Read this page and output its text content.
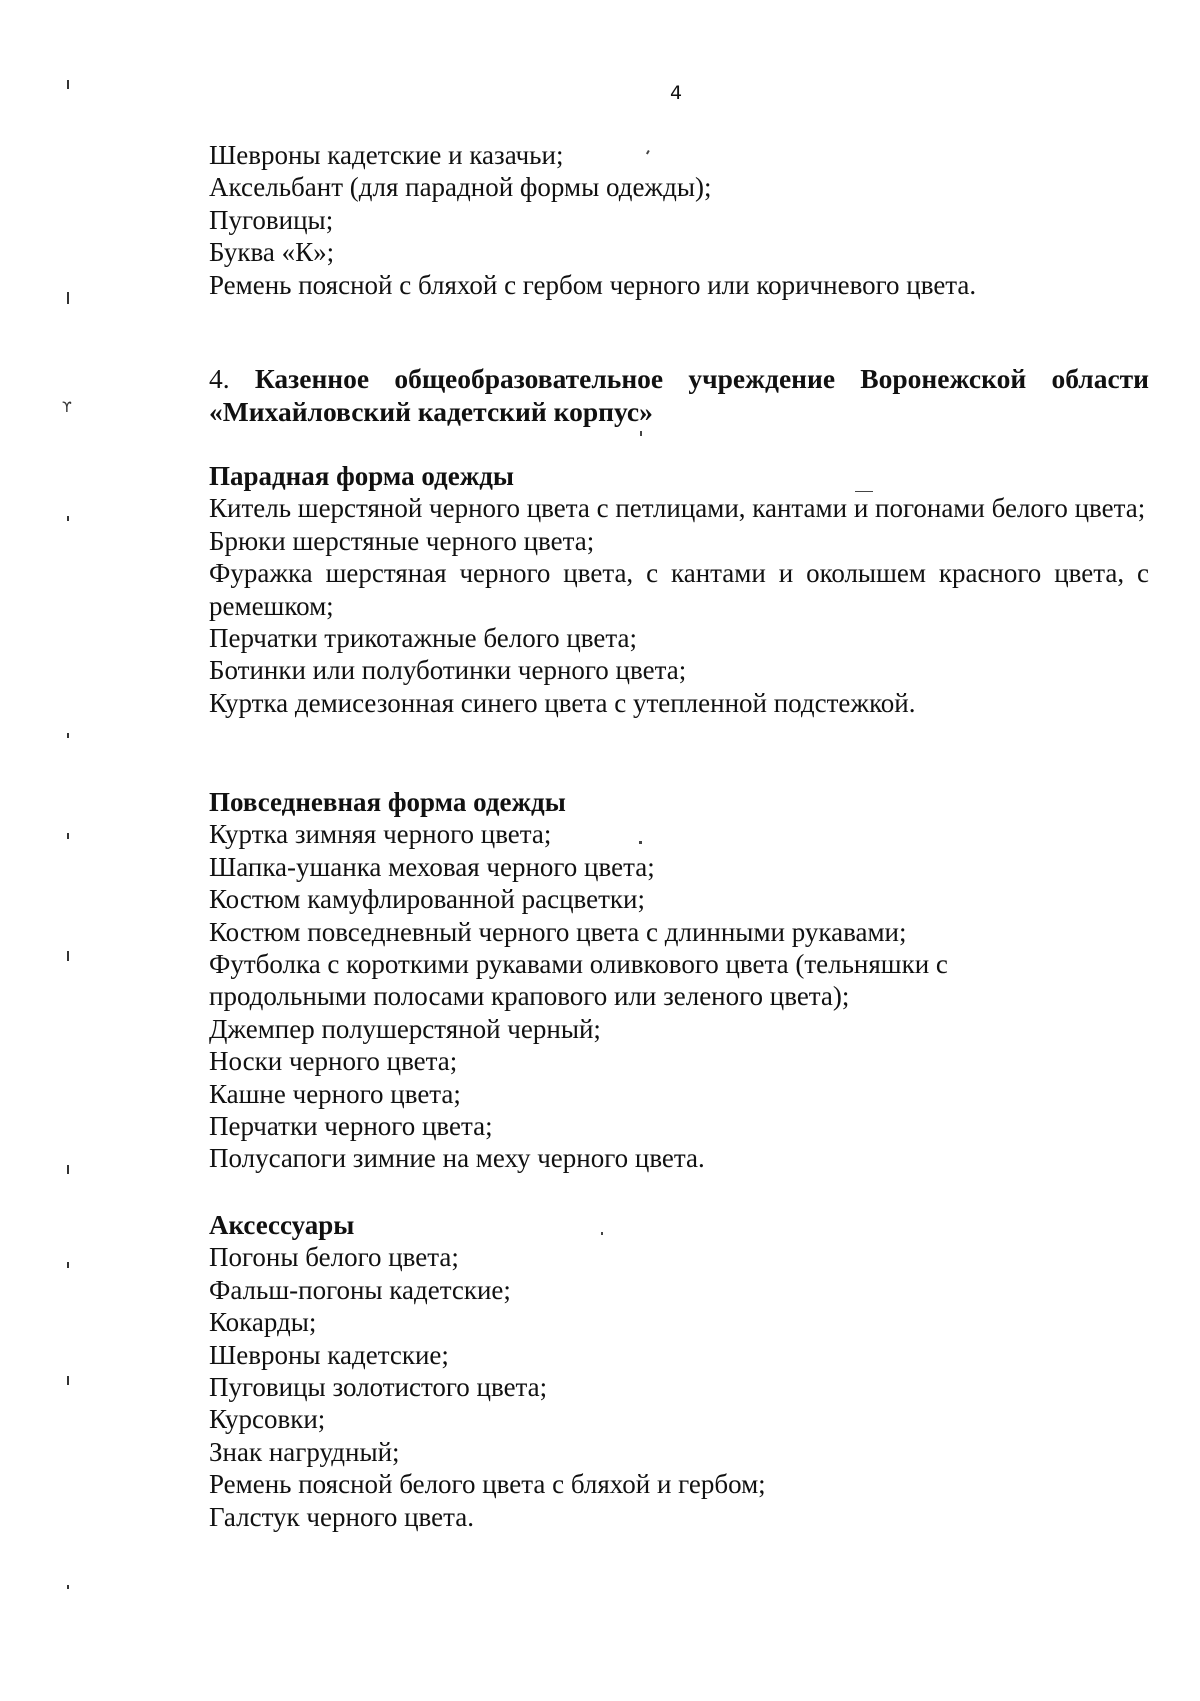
ϒ
4
Шевроны кадетские и казачьи;
Аксельбант (для парадной формы одежды);
Пуговицы;
Буква «К»;
Ремень поясной с бляхой с гербом черного или коричневого цвета.
4. Казенное общеобразовательное учреждение Воронежской области
«Михайловский кадетский корпус»
Парадная форма одежды
Китель шерстяной черного цвета с петлицами, кантами и погонами белого цвета;
Брюки шерстяные черного цвета;
Фуражка шерстяная черного цвета, с кантами и околышем красного цвета, с ремешком;
Перчатки трикотажные белого цвета;
Ботинки или полуботинки черного цвета;
Куртка демисезонная синего цвета с утепленной подстежкой.
Повседневная форма одежды
Куртка зимняя черного цвета;
Шапка-ушанка меховая черного цвета;
Костюм камуфлированной расцветки;
Костюм повседневный черного цвета с длинными рукавами;
Футболка с короткими рукавами оливкового цвета (тельняшки с
продольными полосами крапового или зеленого цвета);
Джемпер полушерстяной черный;
Носки черного цвета;
Кашне черного цвета;
Перчатки черного цвета;
Полусапоги зимние на меху черного цвета.
Аксессуары
Погоны белого цвета;
Фальш-погоны кадетские;
Кокарды;
Шевроны кадетские;
Пуговицы золотистого цвета;
Курсовки;
Знак нагрудный;
Ремень поясной белого цвета с бляхой и гербом;
Галстук черного цвета.
